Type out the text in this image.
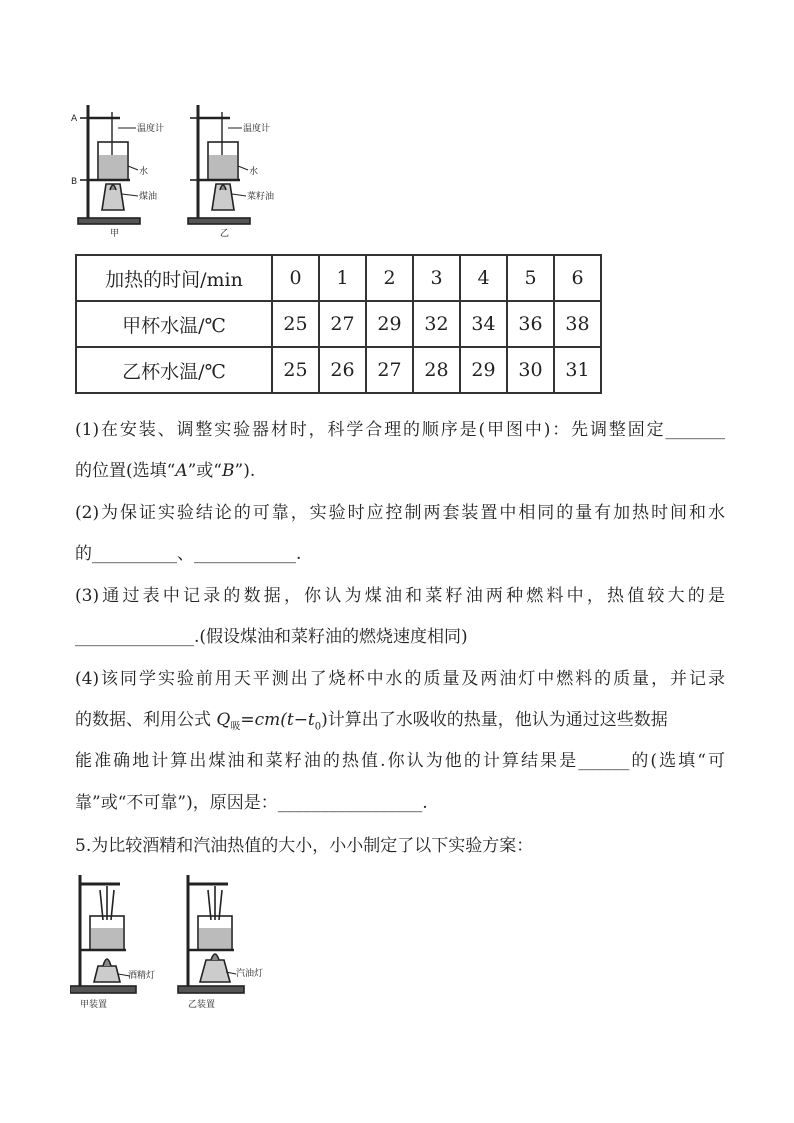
A
B
温度计
水
煤油
甲
温度计
水
菜籽油
乙
加热的时间/min	0	1	2	3	4	5	6
甲杯水温/℃	25	27	29	32	34	36	38
乙杯水温/℃	25	26	27	28	29	30	31
(1)在安装、调整实验器材时，科学合理的顺序是(甲图中)：先调整固定_______
的位置(选填“A”或“B”).
(2)为保证实验结论的可靠，实验时应控制两套装置中相同的量有加热时间和水
的__________、____________.
(3)通过表中记录的数据，你认为煤油和菜籽油两种燃料中，热值较大的是
______________.(假设煤油和菜籽油的燃烧速度相同)
(4)该同学实验前用天平测出了烧杯中水的质量及两油灯中燃料的质量，并记录
的数据、利用公式 $Q_吸=cm(t-t_0)$计算出了水吸收的热量，他认为通过这些数据
能准确地计算出煤油和菜籽油的热值.你认为他的计算结果是______的(选填“可
靠”或“不可靠”)，原因是：_________________.
5.为比较酒精和汽油热值的大小，小小制定了以下实验方案：
酒精灯	汽油灯
甲装置	乙装置
